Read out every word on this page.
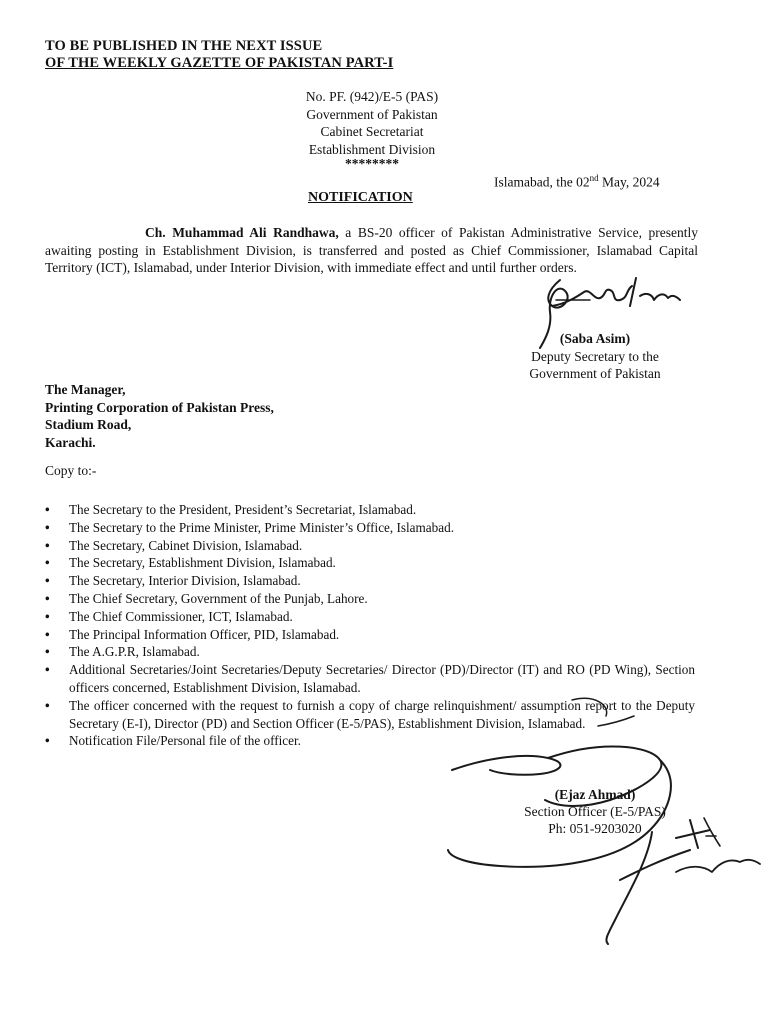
TO BE PUBLISHED IN THE NEXT ISSUE
OF THE WEEKLY GAZETTE OF PAKISTAN PART-I
No. PF. (942)/E-5 (PAS)
Government of Pakistan
Cabinet Secretariat
Establishment Division
********
Islamabad, the 02nd May, 2024
NOTIFICATION
Ch. Muhammad Ali Randhawa, a BS-20 officer of Pakistan Administrative Service, presently awaiting posting in Establishment Division, is transferred and posted as Chief Commissioner, Islamabad Capital Territory (ICT), Islamabad, under Interior Division, with immediate effect and until further orders.
(Saba Asim)
Deputy Secretary to the
Government of Pakistan
The Manager,
Printing Corporation of Pakistan Press,
Stadium Road,
Karachi.
Copy to:-
• The Secretary to the President, President’s Secretariat, Islamabad.
• The Secretary to the Prime Minister, Prime Minister’s Office, Islamabad.
• The Secretary, Cabinet Division, Islamabad.
• The Secretary, Establishment Division, Islamabad.
• The Secretary, Interior Division, Islamabad.
• The Chief Secretary, Government of the Punjab, Lahore.
• The Chief Commissioner, ICT, Islamabad.
• The Principal Information Officer, PID, Islamabad.
• The A.G.P.R, Islamabad.
• Additional Secretaries/Joint Secretaries/Deputy Secretaries/ Director (PD)/Director (IT) and RO (PD Wing), Section officers concerned, Establishment Division, Islamabad.
• The officer concerned with the request to furnish a copy of charge relinquishment/ assumption report to the Deputy Secretary (E-I), Director (PD) and Section Officer (E-5/PAS), Establishment Division, Islamabad.
• Notification File/Personal file of the officer.
(Ejaz Ahmad)
Section Officer (E-5/PAS)
Ph: 051-9203020
